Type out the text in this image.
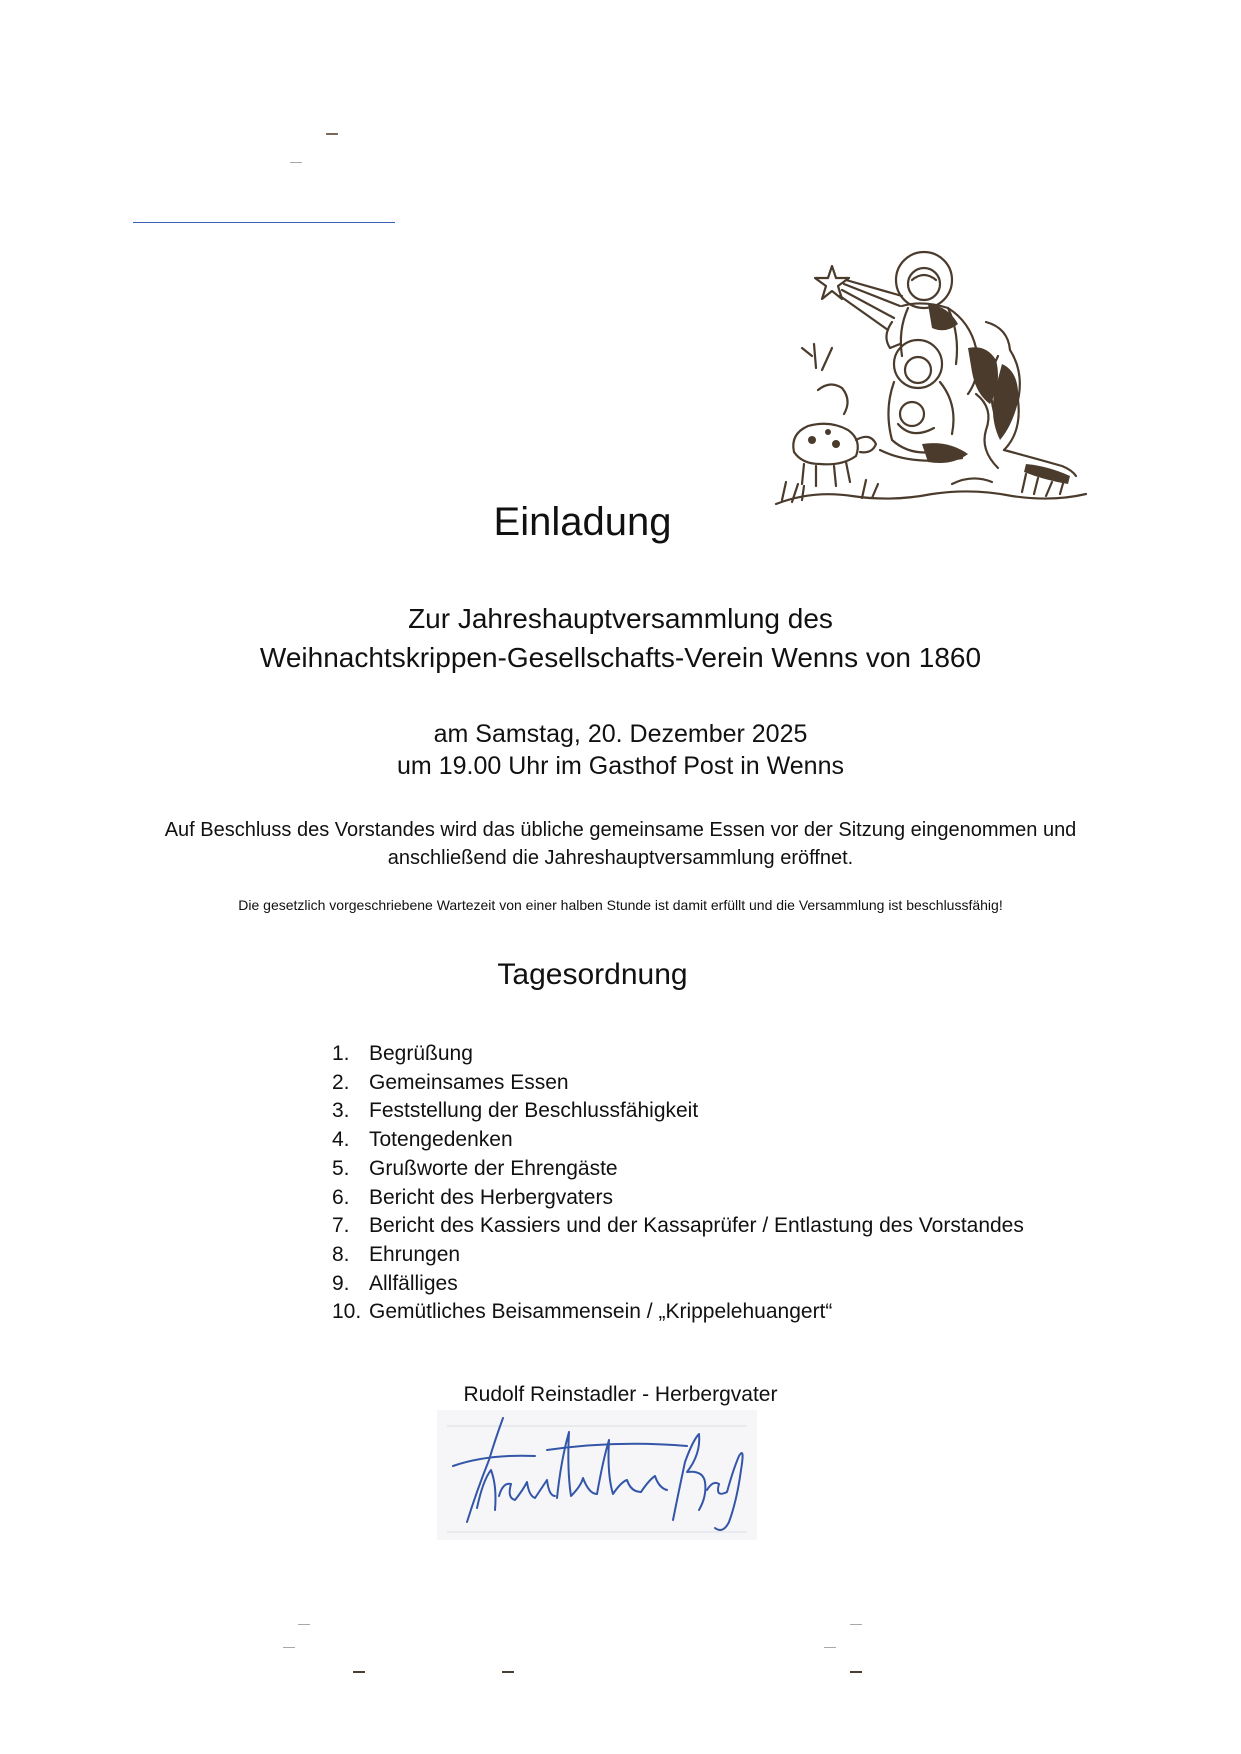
Einladung
Zur Jahreshauptversammlung des
Weihnachtskrippen-Gesellschafts-Verein Wenns von 1860
am Samstag, 20. Dezember 2025
um 19.00 Uhr im Gasthof Post in Wenns
Auf Beschluss des Vorstandes wird das übliche gemeinsame Essen vor der Sitzung eingenommen und
anschließend die Jahreshauptversammlung eröffnet.
Die gesetzlich vorgeschriebene Wartezeit von einer halben Stunde ist damit erfüllt und die Versammlung ist beschlussfähig!
Tagesordnung
1. Begrüßung
2. Gemeinsames Essen
3. Feststellung der Beschlussfähigkeit
4. Totengedenken
5. Grußworte der Ehrengäste
6. Bericht des Herbergvaters
7. Bericht des Kassiers und der Kassaprüfer / Entlastung des Vorstandes
8. Ehrungen
9. Allfälliges
10. Gemütliches Beisammensein / „Krippelehuangert“
Rudolf Reinstadler - Herbergvater
